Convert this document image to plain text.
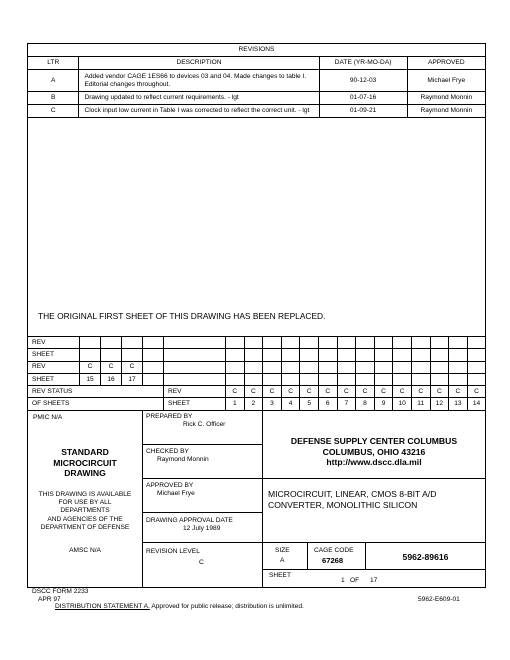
REVISIONS			
LTR	DESCRIPTION	DATE (YR-MO-DA)	APPROVED
A	Added vendor CAGE 1ES66 to devices 03 and 04. Made changes to table I. Editorial changes throughout.	90-12-03	Michael Frye
B	Drawing updated to reflect current requirements. - lgt	01-07-16	Raymond Monnin
C	Clock input low current in Table I was corrected to reflect the correct unit. - lgt	01-09-21	Raymond Monnin
THE ORIGINAL FIRST SHEET OF THIS DRAWING HAS BEEN REPLACED.
REV																			
SHEET																			
REV	C	C	C																
SHEET	15	16	17																
REV STATUS					REV	C	C	C	C	C	C	C	C	C	C	C	C	C	C
OF SHEETS					SHEET	1	2	3	4	5	6	7	8	9	10	11	12	13	14
PMIC N/A
STANDARD
MICROCIRCUIT
DRAWING
THIS DRAWING IS AVAILABLE
FOR USE BY ALL
DEPARTMENTS
AND AGENCIES OF THE
DEPARTMENT OF DEFENSE
AMSC N/A
PREPARED BY
Rick C. Officer
CHECKED BY
Raymond Monnin
APPROVED BY
Michael Frye
DRAWING APPROVAL DATE
12 July 1989
REVISION LEVEL
C
DEFENSE SUPPLY CENTER COLUMBUS
COLUMBUS, OHIO 43216
http://www.dscc.dla.mil
MICROCIRCUIT, LINEAR, CMOS 8-BIT A/D
CONVERTER, MONOLITHIC SILICON
SIZE
A
CAGE CODE
67268	5962-89616
SHEET
1 OF 17
DSCC FORM 2233
APR 97
DISTRIBUTION STATEMENT A. Approved for public release; distribution is unlimited.
5962-E609-01
